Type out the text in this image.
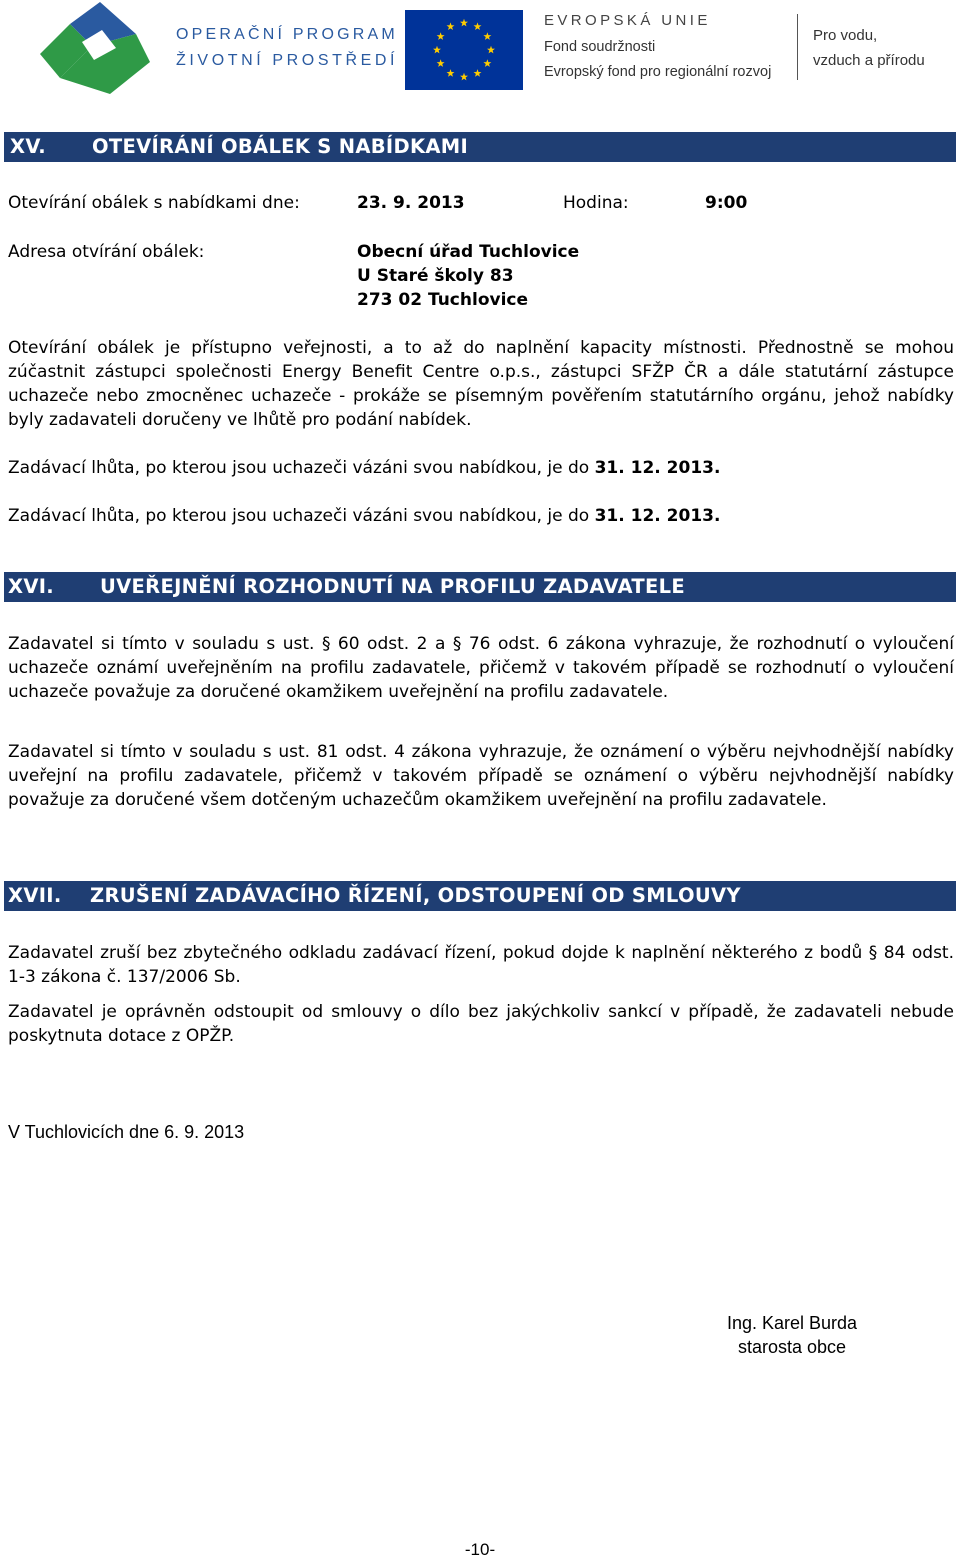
OPERAČNÍ PROGRAM
ŽIVOTNÍ PROSTŘEDÍ
EVROPSKÁ UNIE
Fond soudržnosti
Evropský fond pro regionální rozvoj
Pro vodu,
vzduch a přírodu
XV. OTEVÍRÁNÍ OBÁLEK S NABÍDKAMI
Otevírání obálek s nabídkami dne:	23. 9. 2013	Hodina:	9:00
Adresa otvírání obálek:	Obecní úřad Tuchlovice
U Staré školy 83
273 02 Tuchlovice
Otevírání obálek je přístupno veřejnosti, a to až do naplnění kapacity místnosti. Přednostně se mohou zúčastnit zástupci společnosti Energy Benefit Centre o.p.s., zástupci SFŽP ČR a dále statutární zástupce uchazeče nebo zmocněnec uchazeče - prokáže se písemným pověřením statutárního orgánu, jehož nabídky byly zadavateli doručeny ve lhůtě pro podání nabídek.
Zadávací lhůta, po kterou jsou uchazeči vázáni svou nabídkou, je do 31. 12. 2013.
Zadávací lhůta, po kterou jsou uchazeči vázáni svou nabídkou, je do 31. 12. 2013.
XVI. UVEŘEJNĚNÍ ROZHODNUTÍ NA PROFILU ZADAVATELE
Zadavatel si tímto v souladu s ust. § 60 odst. 2 a § 76 odst. 6 zákona vyhrazuje, že rozhodnutí o vyloučení uchazeče oznámí uveřejněním na profilu zadavatele, přičemž v takovém případě se rozhodnutí o vyloučení uchazeče považuje za doručené okamžikem uveřejnění na profilu zadavatele.
Zadavatel si tímto v souladu s ust. 81 odst. 4 zákona vyhrazuje, že oznámení o výběru nejvhodnější nabídky uveřejní na profilu zadavatele, přičemž v takovém případě se oznámení o výběru nejvhodnější nabídky považuje za doručené všem dotčeným uchazečům okamžikem uveřejnění na profilu zadavatele.
XVII. ZRUŠENÍ ZADÁVACÍHO ŘÍZENÍ, ODSTOUPENÍ OD SMLOUVY
Zadavatel zruší bez zbytečného odkladu zadávací řízení, pokud dojde k naplnění některého z bodů § 84 odst. 1-3 zákona č. 137/2006 Sb.
Zadavatel je oprávněn odstoupit od smlouvy o dílo bez jakýchkoliv sankcí v případě, že zadavateli nebude poskytnuta dotace z OPŽP.
V Tuchlovicích dne 6. 9. 2013
Ing. Karel Burda
starosta obce
-10-
